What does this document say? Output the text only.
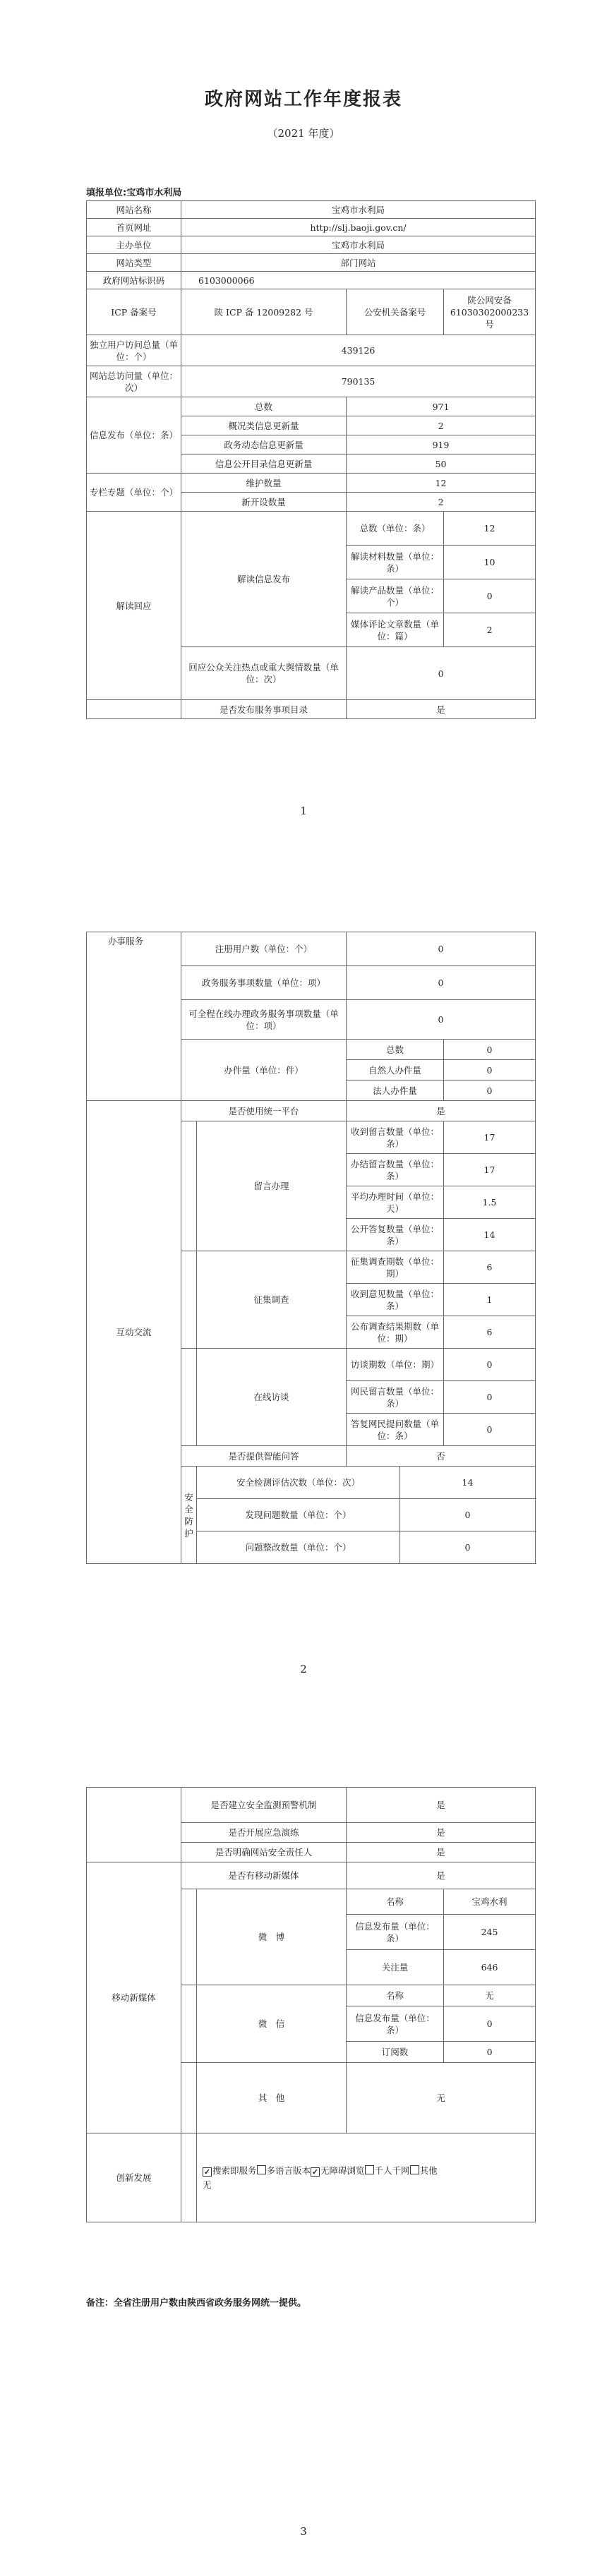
政府网站工作年度报表
（2021 年度）
填报单位:宝鸡市水利局
网站名称	宝鸡市水利局		
首页网址	http://slj.baoji.gov.cn/		
主办单位	宝鸡市水利局		
网站类型	部门网站		
政府网站标识码	6103000066		
ICP 备案号	陕 ICP 备 12009282 号	公安机关备案号	陕公网安备 61030302000233 号
独立用户访问总量（单位：个）	439126		
网站总访问量（单位：次）	790135		
信息发布（单位：条）	总数	971	
	概况类信息更新量	2	
	政务动态信息更新量	919	
	信息公开目录信息更新量	50	
专栏专题（单位：个）	维护数量	12	
	新开设数量	2	
解读回应	解读信息发布	总数（单位：条）	12
		解读材料数量（单位：条）	10
		解读产品数量（单位：个）	0
		媒体评论文章数量（单位：篇）	2
	回应公众关注热点或重大舆情数量（单位：次）	0	
	是否发布服务事项目录	是	
1
办事服务	注册用户数（单位：个）		0		
	政务服务事项数量（单位：项）		0		
	可全程在线办理政务服务事项数量（单位：项）		0		
	办件量（单位：件）		总数		0
			自然人办件量		0
			法人办件量		0
互动交流	是否使用统一平台		是		
		留言办理	收到留言数量（单位：条）		17
			办结留言数量（单位：条）		17
			平均办理时间（单位：天）		1.5
			公开答复数量（单位：条）		14
		征集调查	征集调查期数（单位：期）		6
			收到意见数量（单位：条）		1
			公布调查结果期数（单位：期）		6
		在线访谈	访谈期数（单位：期）		0
			网民留言数量（单位：条）		0
			答复网民提问数量（单位：条）		0
	是否提供智能问答		否		
	安全防护	安全检测评估次数（单位：次）		14	
		发现问题数量（单位：个）		0	
		问题整改数量（单位：个）		0	
2
	是否建立安全监测预警机制		是	
	是否开展应急演练		是	
	是否明确网站安全责任人		是	
移动新媒体	是否有移动新媒体		是	
		微　博	名称	宝鸡水利
			信息发布量（单位：条）	245
			关注量	646
		微　信	名称	无
			信息发布量（单位：条）	0
			订阅数	0
		其　他	无	
创新发展		✓ 搜索即服务 多语言版本 ✓ 无障碍浏览 千人千网 其他
无		
备注：全省注册用户数由陕西省政务服务网统一提供。
3
